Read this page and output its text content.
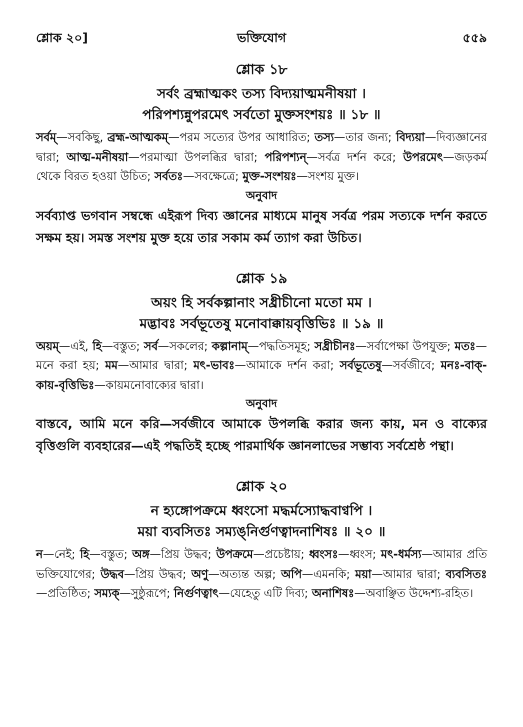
শ্লোক ২০]	ভক্তিযোগ	৫৫৯
শ্লোক ১৮
সর্বং ব্রহ্মাত্মকং তস্য বিদ্যয়াত্মমনীষয়া ।
পরিপশ্যন্নুপরমেৎ সর্বতো মুক্তসংশয়ঃ ॥ ১৮ ॥
সর্বম্—সবকিছু, ব্রহ্ম-আত্মকম্—পরম সত্যের উপর আধারিত; তস্য—তার জন্য; বিদ্যয়া—দিব্যজ্ঞানের দ্বারা; আত্ম-মনীষয়া—পরমাত্মা উপলব্ধির দ্বারা; পরিপশ্যন্—সর্বত্র দর্শন করে; উপরমেৎ—জড়কর্ম থেকে বিরত হওয়া উচিত; সর্বতঃ—সবক্ষেত্রে; মুক্ত-সংশয়ঃ—সংশয় মুক্ত।
অনুবাদ
সর্বব্যাপ্ত ভগবান সম্বন্ধে এইরূপ দিব্য জ্ঞানের মাধ্যমে মানুষ সর্বত্র পরম সত্যকে দর্শন করতে সক্ষম হয়। সমস্ত সংশয় মুক্ত হয়ে তার সকাম কর্ম ত্যাগ করা উচিত।
শ্লোক ১৯
অয়ং হি সর্বকল্পানাং সধ্রীচীনো মতো মম ।
মদ্ভাবঃ সর্বভূতেষু মনোবাক্কায়বৃত্তিভিঃ ॥ ১৯ ॥
অয়ম্—এই, হি—বস্তুত; সর্ব—সকলের; কল্পানাম্—পদ্ধতিসমূহ; সধ্রীচীনঃ—সর্বাপেক্ষা উপযুক্ত; মতঃ—মনে করা হয়; মম—আমার দ্বারা; মৎ-ভাবঃ—আমাকে দর্শন করা; সর্বভূতেষু—সর্বজীবে; মনঃ-বাক্-কায়-বৃত্তিভিঃ—কায়মনোবাক্যের দ্বারা।
অনুবাদ
বাস্তবে, আমি মনে করি—সর্বজীবে আমাকে উপলব্ধি করার জন্য কায়, মন ও বাক্যের বৃত্তিগুলি ব্যবহারের—এই পদ্ধতিই হচ্ছে পারমার্থিক জ্ঞানলাভের সম্ভাব্য সর্বশ্রেষ্ঠ পন্থা।
শ্লোক ২০
ন হ্যঙ্গোপক্রমে ধ্বংসো মদ্ধর্মস্যোদ্ধবাণ্বপি ।
ময়া ব্যবসিতঃ সম্যঙ্‌নির্গুণত্বাদনাশিষঃ ॥ ২০ ॥
ন—নেই; হি—বস্তুত; অঙ্গ—প্রিয় উদ্ধব; উপক্রমে—প্রচেষ্টায়; ধ্বংসঃ—ধ্বংস; মৎ-ধর্মস্য—আমার প্রতি ভক্তিযোগের; উদ্ধব—প্রিয় উদ্ধব; অণু—অত্যন্ত অল্প; অপি—এমনকি; ময়া—আমার দ্বারা; ব্যবসিতঃ—প্রতিষ্ঠিত; সম্যক্—সুষ্ঠুরূপে; নির্গুণত্বাৎ—যেহেতু এটি দিব্য; অনাশিষঃ—অবাঞ্ছিত উদ্দেশ্য-রহিত।
